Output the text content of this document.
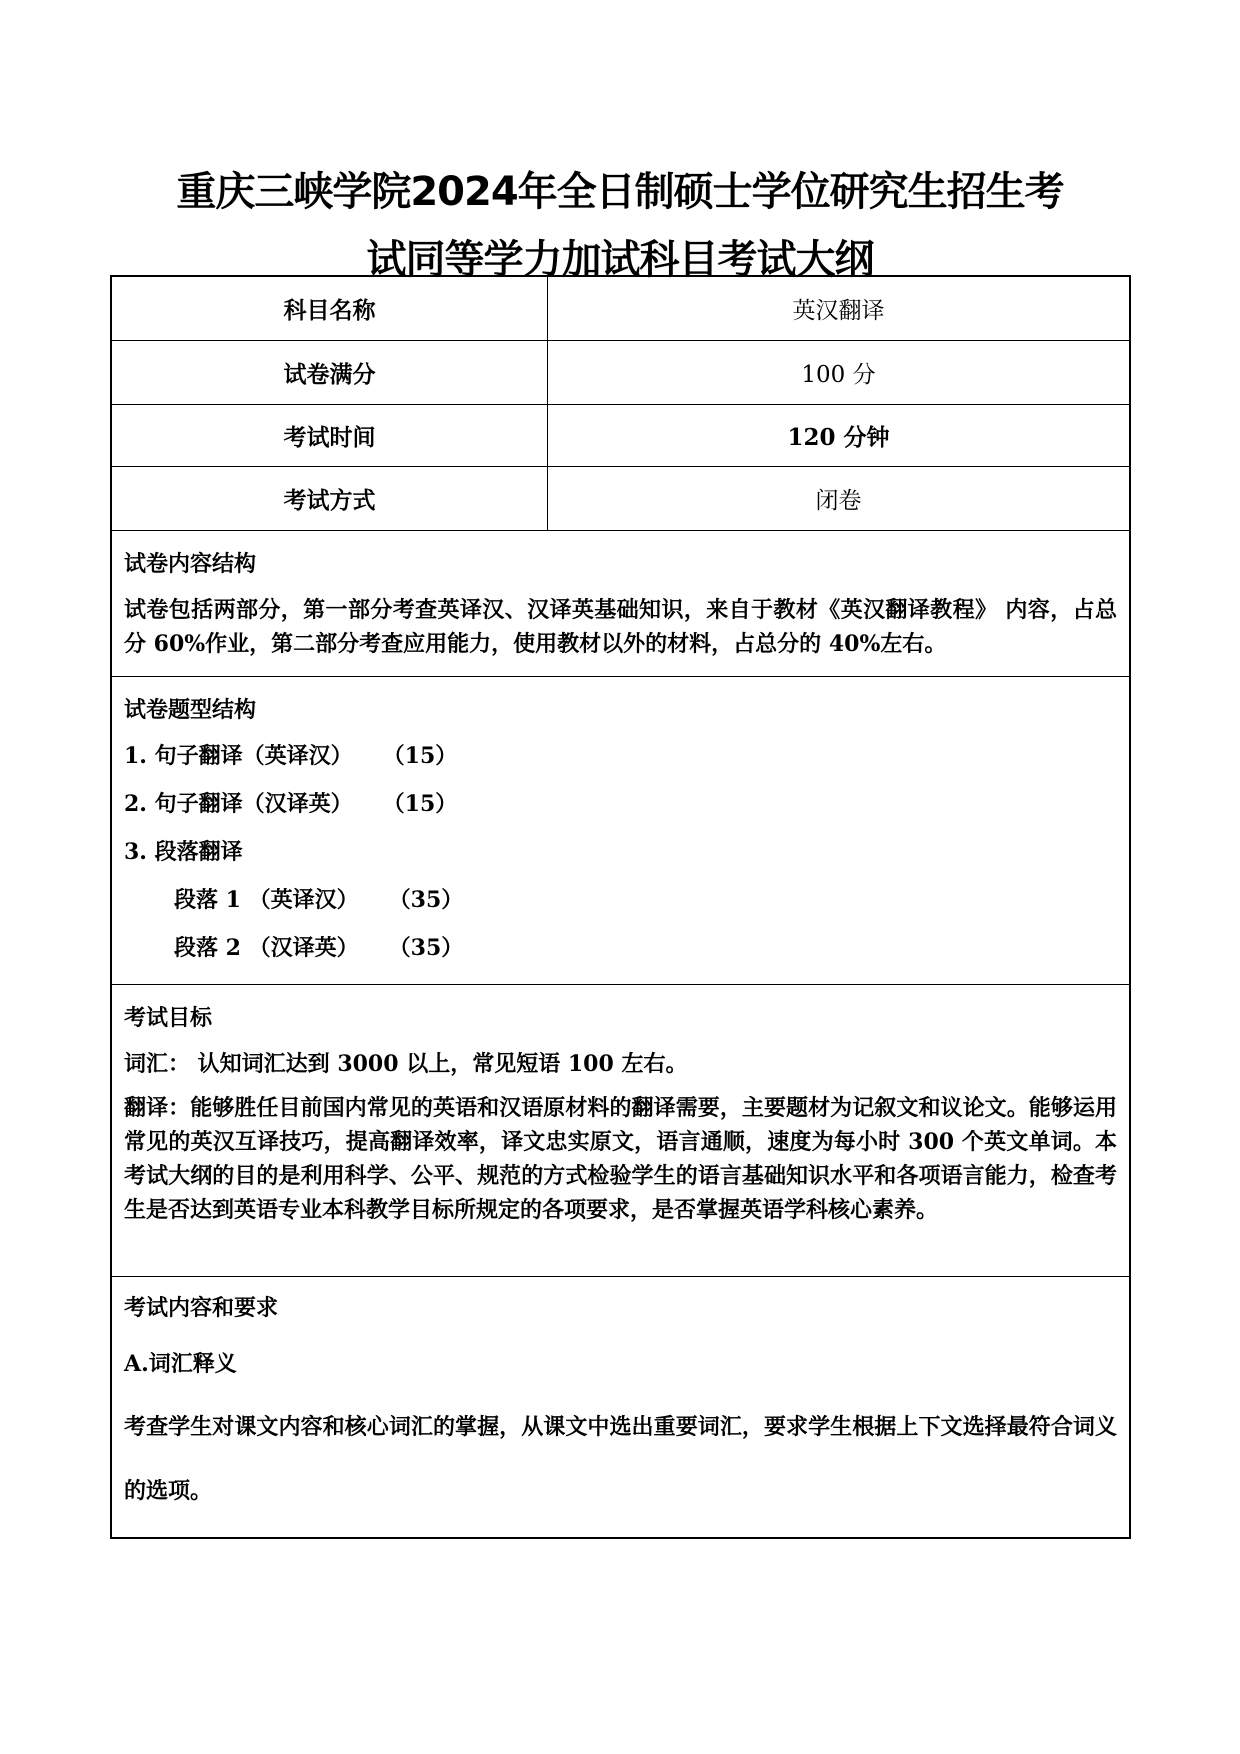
重庆三峡学院2024年全日制硕士学位研究生招生考
试同等学力加试科目考试大纲
科目名称	英汉翻译
试卷满分	100 分
考试时间	120 分钟
考试方式	闭卷
试卷内容结构

试卷包括两部分，第一部分考查英译汉、汉译英基础知识，来自于教材《英汉翻译教程》 内容，占总分 60%作业，第二部分考查应用能力，使用教材以外的材料，占总分的 40%左右。

试卷题型结构
1. 句子翻译（英译汉） （15）
2. 句子翻译（汉译英） （15）
3. 段落翻译
段落 1 （英译汉） （35）
段落 2 （汉译英） （35）
考试目标

词汇： 认知词汇达到 3000 以上，常见短语 100 左右。

翻译：能够胜任目前国内常见的英语和汉语原材料的翻译需要，主要题材为记叙文和议论文。能够运用常见的英汉互译技巧，提高翻译效率，译文忠实原文，语言通顺，速度为每小时 300 个英文单词。本考试大纲的目的是利用科学、公平、规范的方式检验学生的语言基础知识水平和各项语言能力，检查考生是否达到英语专业本科教学目标所规定的各项要求，是否掌握英语学科核心素养。

考试内容和要求
A.词汇释义

考查学生对课文内容和核心词汇的掌握，从课文中选出重要词汇，要求学生根据上下文选择最符合词义的选项。
